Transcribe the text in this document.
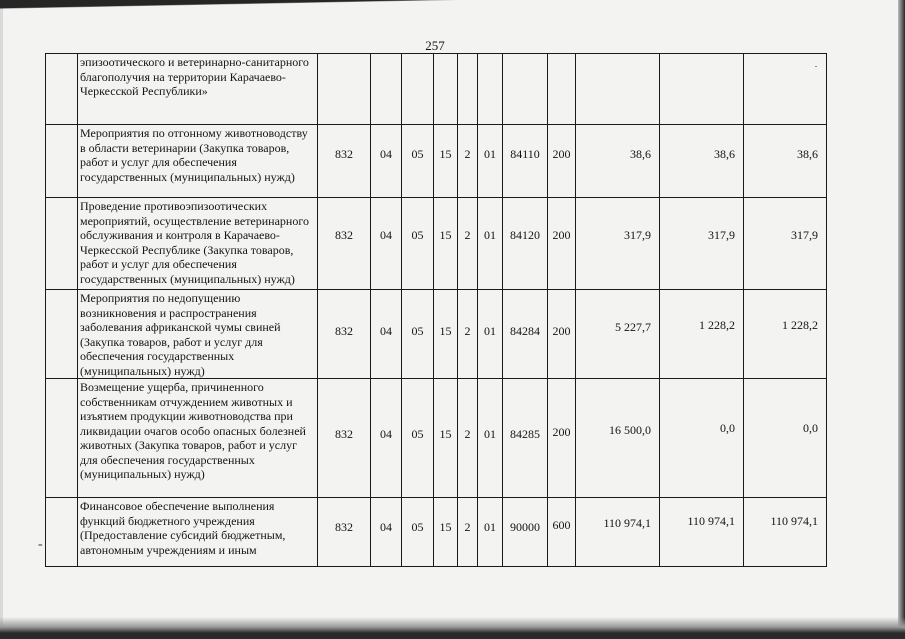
257
	эпизоотического и ветеринарно-санитарного благополучия на территории Карачаево-Черкесской Республики»											
	Мероприятия по отгонному животноводству в области ветеринарии (Закупка товаров, работ и услуг для обеспечения государственных (муниципальных) нужд)	832	04	05	15	2	01	84110	200	38,6	38,6	38,6
	Проведение противоэпизоотических мероприятий, осуществление ветеринарного обслуживания и контроля в Карачаево-Черкесской Республике (Закупка товаров, работ и услуг для обеспечения государственных (муниципальных) нужд)	832	04	05	15	2	01	84120	200	317,9	317,9	317,9
	Мероприятия по недопущению возникновения и распространения заболевания африканской чумы свиней (Закупка товаров, работ и услуг для обеспечения государственных (муниципальных) нужд)	832	04	05	15	2	01	84284	200	5 227,7	1 228,2	1 228,2
	Возмещение ущерба, причиненного собственникам отчуждением животных и изъятием продукции животноводства при ликвидации очагов особо опасных болезней животных (Закупка товаров, работ и услуг для обеспечения государственных (муниципальных) нужд)	832	04	05	15	2	01	84285	200	16 500,0	0,0	0,0
	Финансовое обеспечение выполнения функций бюджетного учреждения (Предоставление субсидий бюджетным, автономным учреждениям и иным	832	04	05	15	2	01	90000	600	110 974,1	110 974,1	110 974,1
‐
